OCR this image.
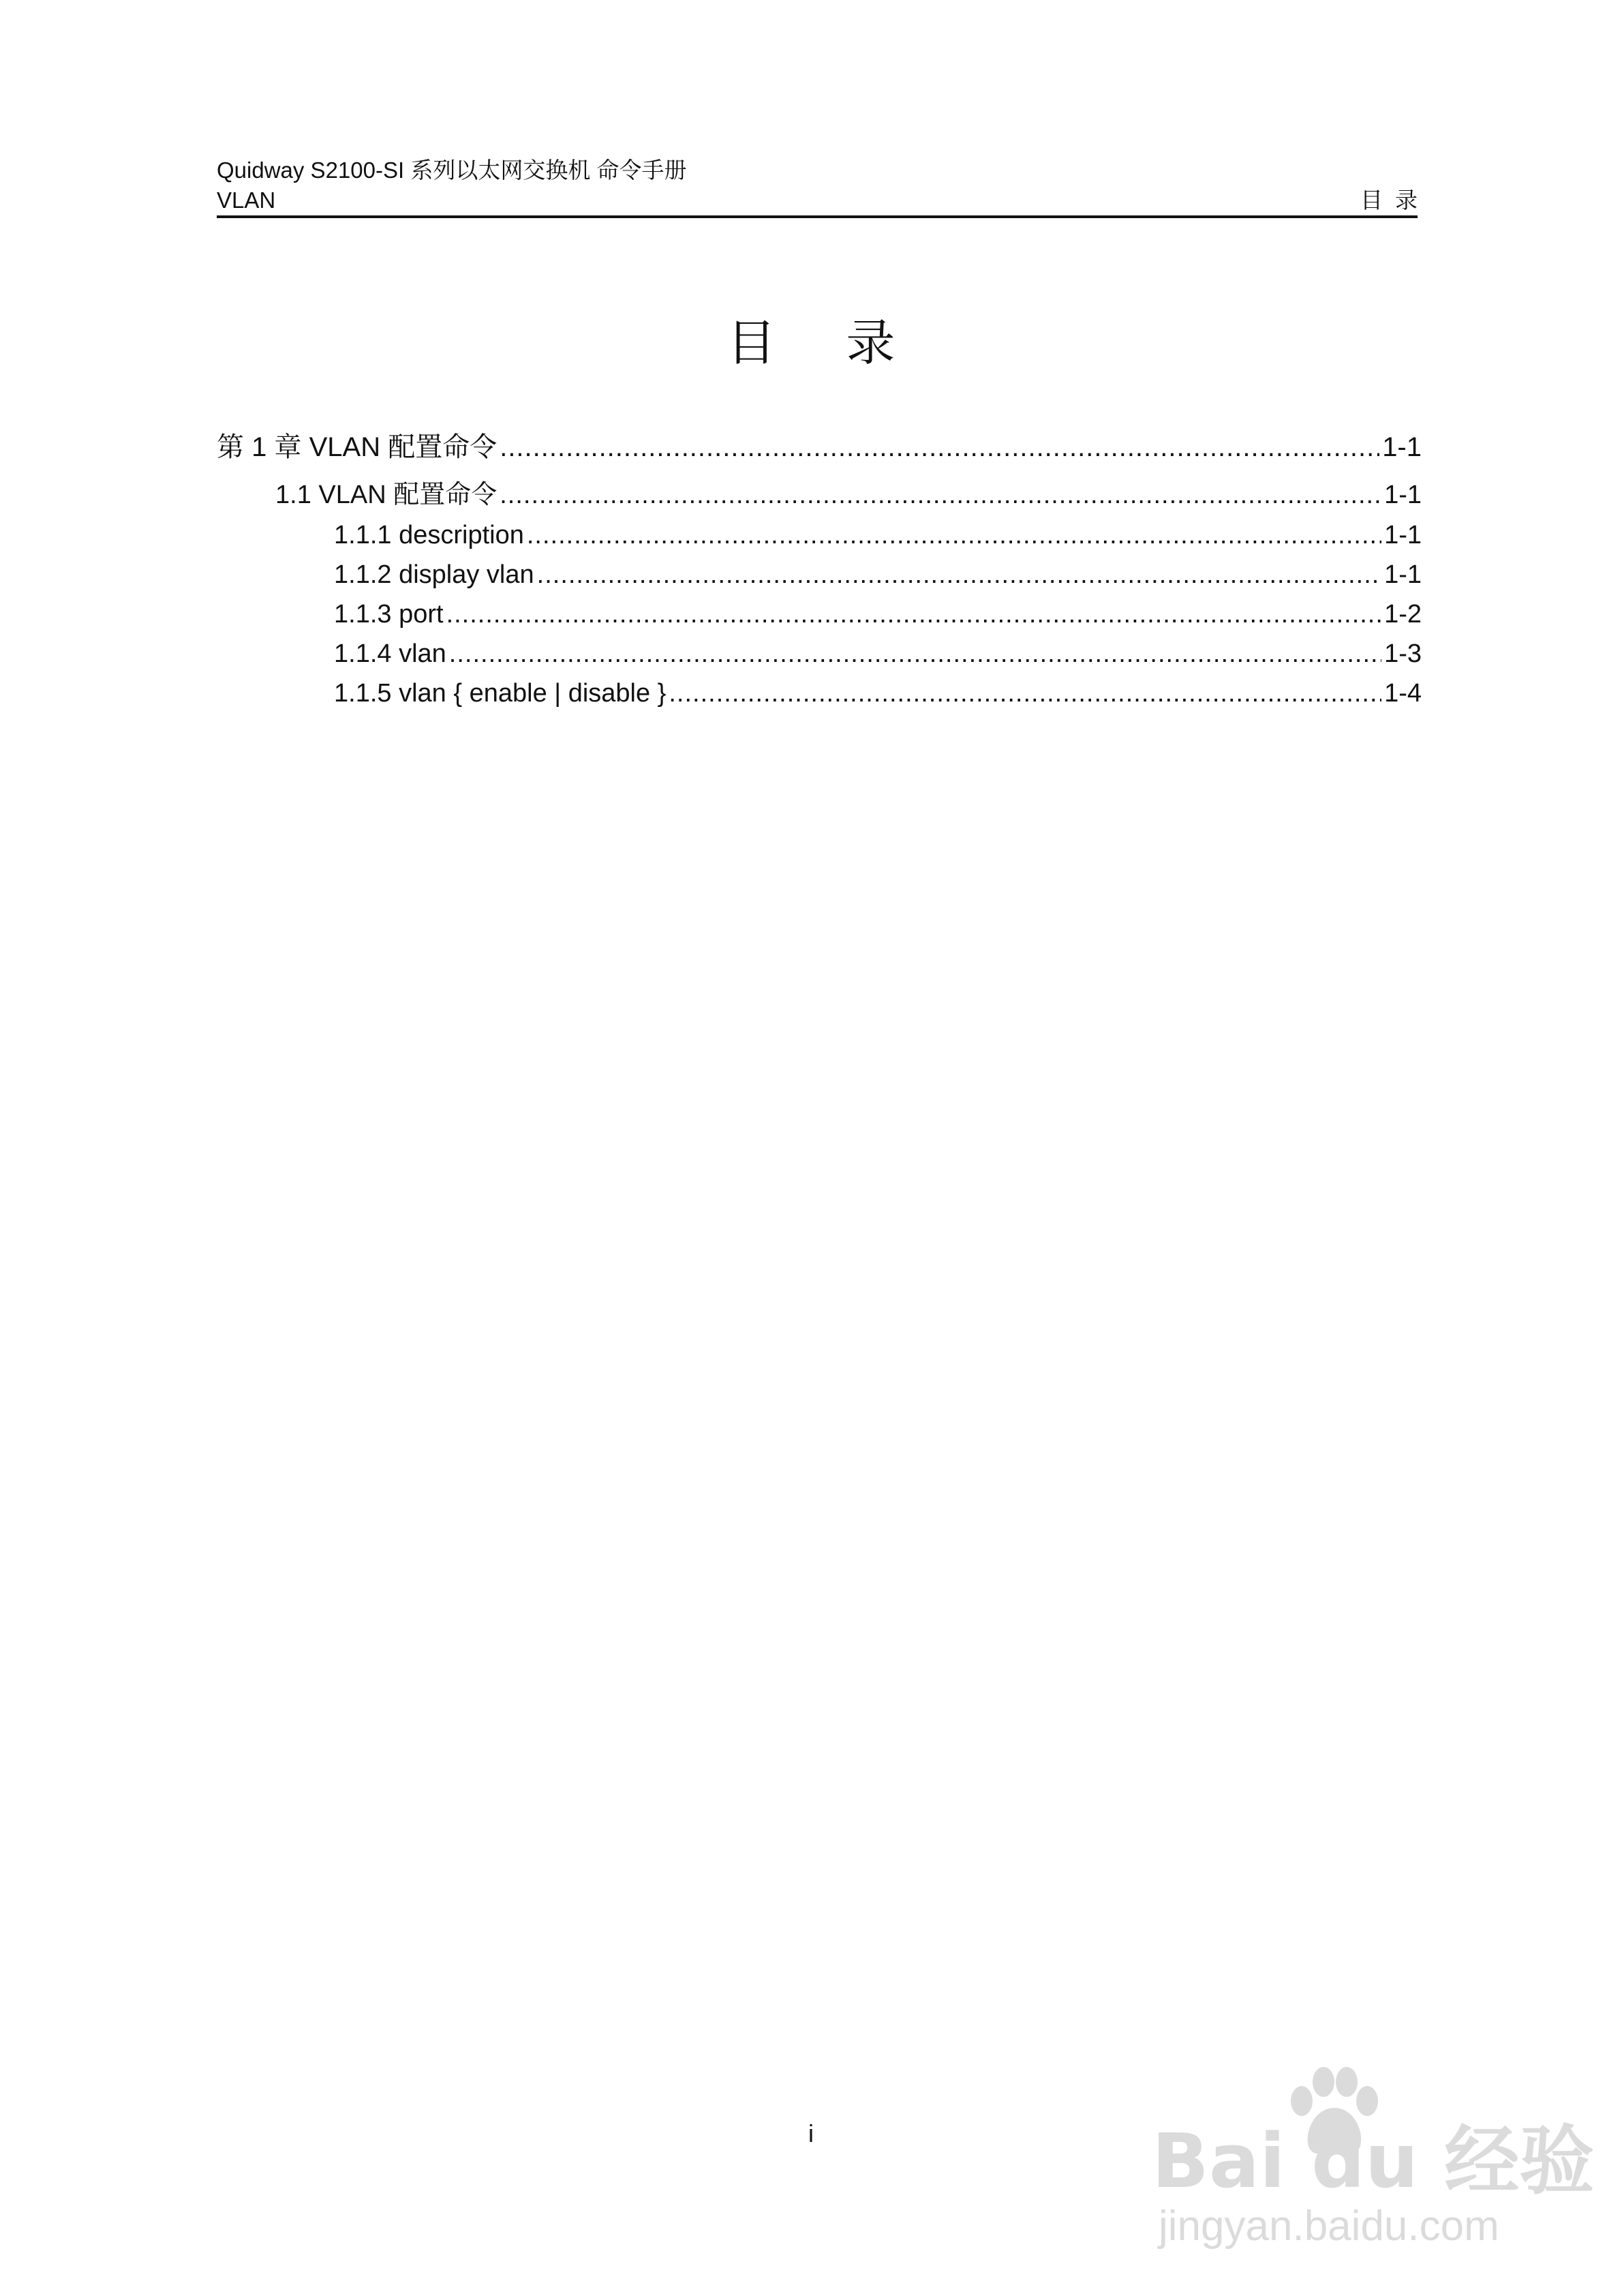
Quidway S2100-SI 系列以太网交换机 命令手册
VLAN	目录
目 录
第 1 章 VLAN 配置命令 .....	1-1
1.1 VLAN 配置命令 .....	1-1
1.1.1 description .....	1-1
1.1.2 display vlan .....	1-1
1.1.3 port .....	1-2
1.1.4 vlan .....	1-3
1.1.5 vlan { enable | disable } .....	1-4
i	Bai du 经验
jingyan.baidu.com
